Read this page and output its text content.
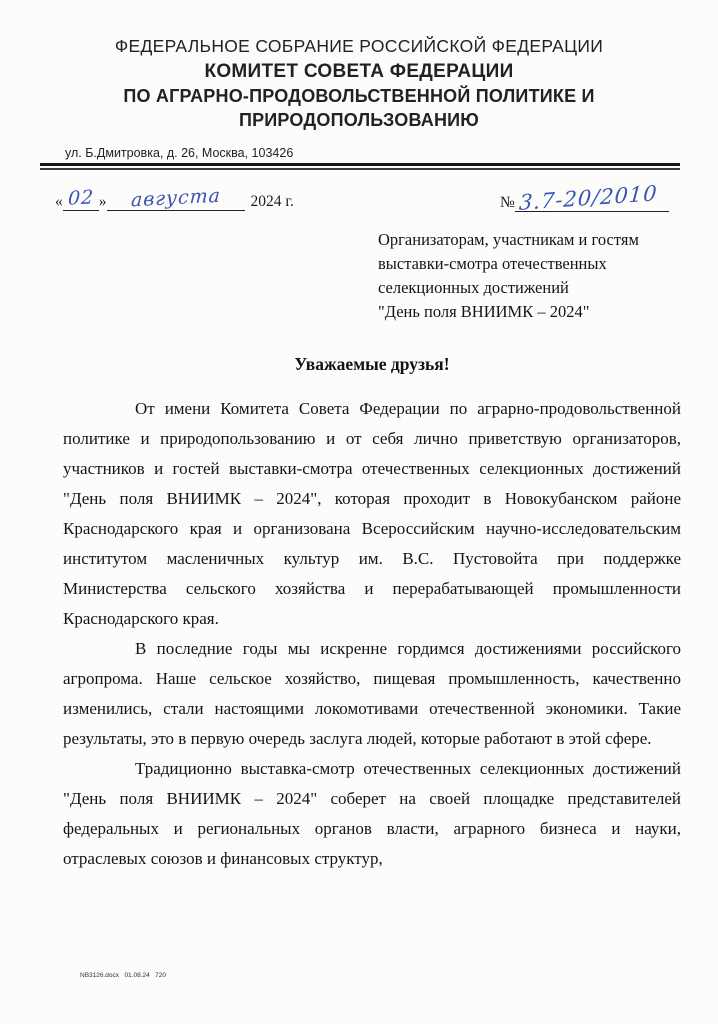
ФЕДЕРАЛЬНОЕ СОБРАНИЕ РОССИЙСКОЙ ФЕДЕРАЦИИ
КОМИТЕТ СОВЕТА ФЕДЕРАЦИИ
ПО АГРАРНО-ПРОДОВОЛЬСТВЕННОЙ ПОЛИТИКЕ И
ПРИРОДОПОЛЬЗОВАНИЮ
ул. Б.Дмитровка, д. 26, Москва, 103426
« 02 » августа 2024 г.	№ 3.7-20/2010
Организаторам, участникам и гостям
выставки-смотра отечественных
селекционных достижений
"День поля ВНИИМК – 2024"
Уважаемые друзья!

От имени Комитета Совета Федерации по аграрно-продовольственной политике и природопользованию и от себя лично приветствую организаторов, участников и гостей выставки-смотра отечественных селекционных достижений "День поля ВНИИМК – 2024", которая проходит в Новокубанском районе Краснодарского края и организована Всероссийским научно-исследовательским институтом масленичных культур им. В.С. Пустовойта при поддержке Министерства сельского хозяйства и перерабатывающей промышленности Краснодарского края.

В последние годы мы искренне гордимся достижениями российского агропрома. Наше сельское хозяйство, пищевая промышленность, качественно изменились, стали настоящими локомотивами отечественной экономики. Такие результаты, это в первую очередь заслуга людей, которые работают в этой сфере.

Традиционно выставка-смотр отечественных селекционных достижений "День поля ВНИИМК – 2024" соберет на своей площадке представителей федеральных и региональных органов власти, аграрного бизнеса и науки, отраслевых союзов и финансовых структур,

NB3126.docx   01.08.24   720
